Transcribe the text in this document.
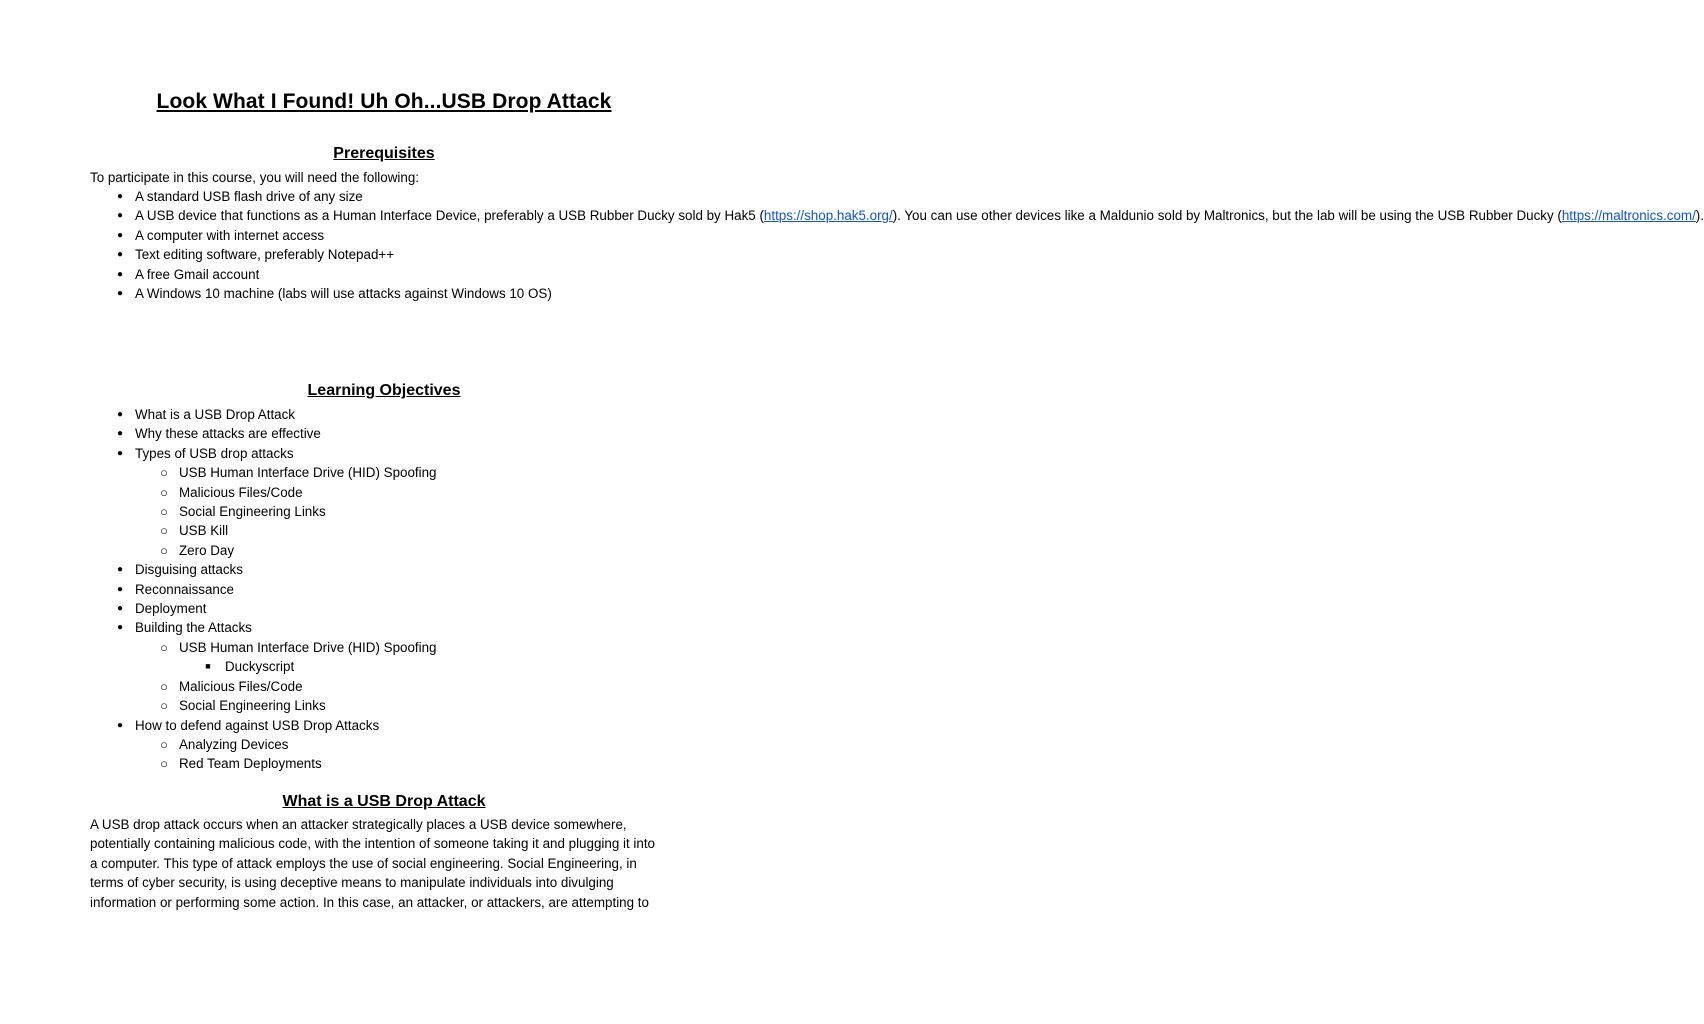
Look What I Found! Uh Oh...USB Drop Attack
Prerequisites

To participate in this course, you will need the following:

● A standard USB flash drive of any size
● A USB device that functions as a Human Interface Device, preferably a USB Rubber Ducky sold by Hak5 (https://shop.hak5.org/). You can use other devices like a Maldunio sold by Maltronics, but the lab will be using the USB Rubber Ducky (https://maltronics.com/).
● A computer with internet access
● Text editing software, preferably Notepad++
● A free Gmail account
● A Windows 10 machine (labs will use attacks against Windows 10 OS)
Learning Objectives
● What is a USB Drop Attack
● Why these attacks are effective
● Types of USB drop attacks
○ USB Human Interface Drive (HID) Spoofing
○ Malicious Files/Code
○ Social Engineering Links
○ USB Kill
○ Zero Day
● Disguising attacks
● Reconnaissance
● Deployment
● Building the Attacks
○ USB Human Interface Drive (HID) Spoofing
■ Duckyscript
○ Malicious Files/Code
○ Social Engineering Links
● How to defend against USB Drop Attacks
○ Analyzing Devices
○ Red Team Deployments
What is a USB Drop Attack
A USB drop attack occurs when an attacker strategically places a USB device somewhere,
potentially containing malicious code, with the intention of someone taking it and plugging it into
a computer. This type of attack employs the use of social engineering. Social Engineering, in
terms of cyber security, is using deceptive means to manipulate individuals into divulging
information or performing some action. In this case, an attacker, or attackers, are attempting to
